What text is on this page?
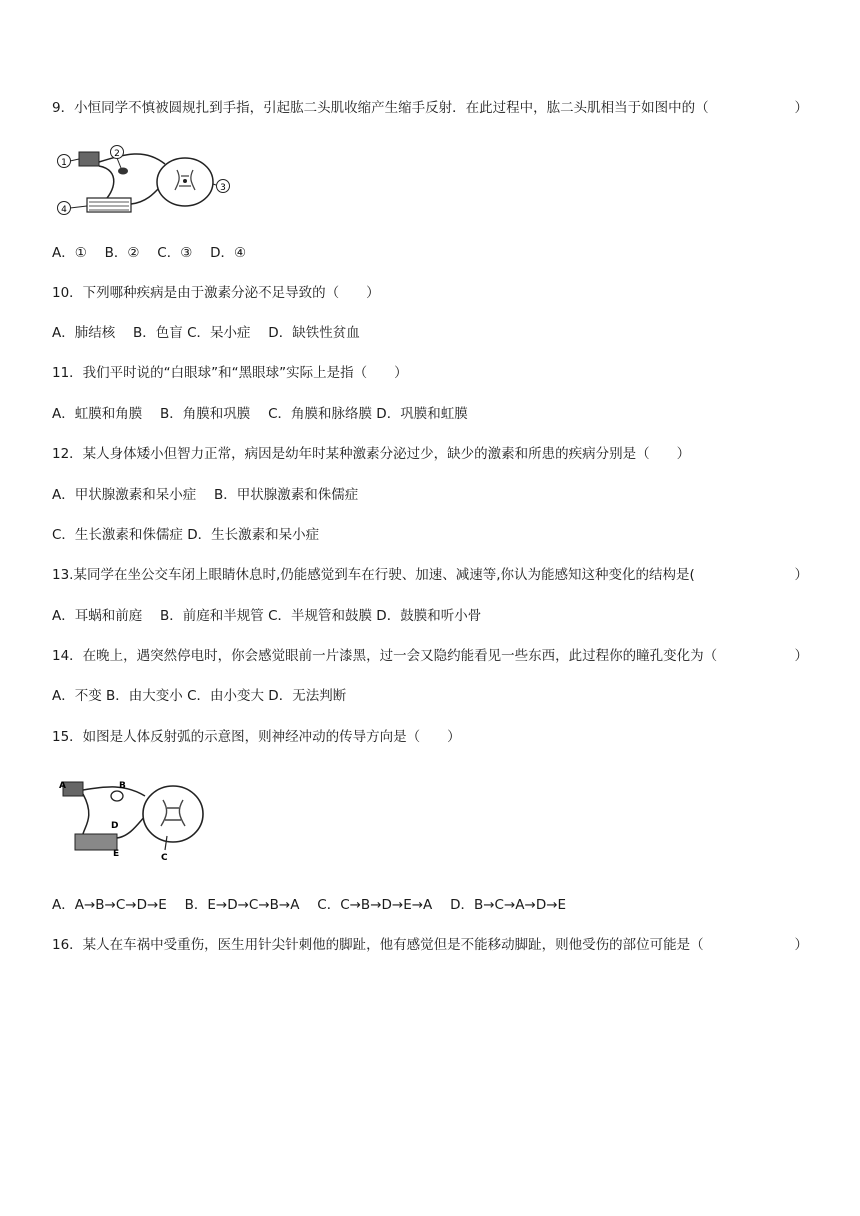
9．小恒同学不慎被圆规扎到手指，引起肱二头肌收缩产生缩手反射．在此过程中，肱二头肌相当于如图中的（	）
1
2
3
4
A．①　 B．②　 C．③　 D．④
10．下列哪种疾病是由于激素分泌不足导致的（　　）
A．肺结核　 B．色盲 C．呆小症　 D．缺铁性贫血
11．我们平时说的“白眼球”和“黑眼球”实际上是指（　　）
A．虹膜和角膜　 B．角膜和巩膜　 C．角膜和脉络膜 D．巩膜和虹膜
12．某人身体矮小但智力正常，病因是幼年时某种激素分泌过少，缺少的激素和所患的疾病分别是（　　）
A．甲状腺激素和呆小症　 B．甲状腺激素和侏儒症
C．生长激素和侏儒症 D．生长激素和呆小症
13.某同学在坐公交车闭上眼睛休息时,仍能感觉到车在行驶、加速、减速等,你认为能感知这种变化的结构是(	）
A．耳蜗和前庭　 B．前庭和半规管 C．半规管和鼓膜 D．鼓膜和听小骨
14．在晚上，遇突然停电时，你会感觉眼前一片漆黑，过一会又隐约能看见一些东西，此过程你的瞳孔变化为（	）
A．不变 B．由大变小 C．由小变大 D．无法判断
15．如图是人体反射弧的示意图，则神经冲动的传导方向是（　　）
A	B
C
D
E
A．A→B→C→D→E　 B．E→D→C→B→A　 C．C→B→D→E→A　 D．B→C→A→D→E
16．某人在车祸中受重伤，医生用针尖针刺他的脚趾，他有感觉但是不能移动脚趾，则他受伤的部位可能是（	）
